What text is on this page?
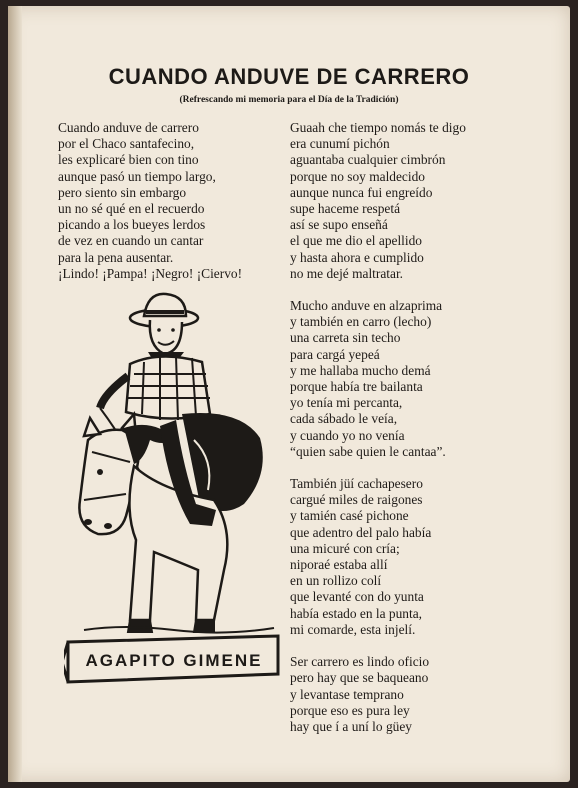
CUANDO ANDUVE DE CARRERO
(Refrescando mi memoria para el Día de la Tradición)
Cuando anduve de carrero
por el Chaco santafecino,
les explicaré bien con tino
aunque pasó un tiempo largo,
pero siento sin embargo
un no sé qué en el recuerdo
picando a los bueyes lerdos
de vez en cuando un cantar
para la pena ausentar.
¡Lindo! ¡Pampa! ¡Negro! ¡Ciervo!
Guaah che tiempo nomás te digo
era cunumí pichón
aguantaba cualquier cimbrón
porque no soy maldecido
aunque nunca fui engreído
supe haceme respetá
así se supo enseñá
el que me dio el apellido
y hasta ahora e cumplido
no me dejé maltratar.
Mucho anduve en alzaprima
y también en carro (lecho)
una carreta sin techo
para cargá yepeá
y me hallaba mucho demá
porque había tre bailanta
yo tenía mi percanta,
cada sábado le veía,
y cuando yo no venía
“quien sabe quien le cantaa”.
También jüí cachapesero
cargué miles de raigones
y tamién casé pichone
que adentro del palo había
una micuré con cría;
niporaé estaba allí
en un rollizo colí
que levanté con do yunta
había estado en la punta,
mi comarde, esta injelí.
Ser carrero es lindo oficio
pero hay que se baqueano
y levantase temprano
porque eso es pura ley
hay que í a uní lo güey
AGAPITO GIMENE
